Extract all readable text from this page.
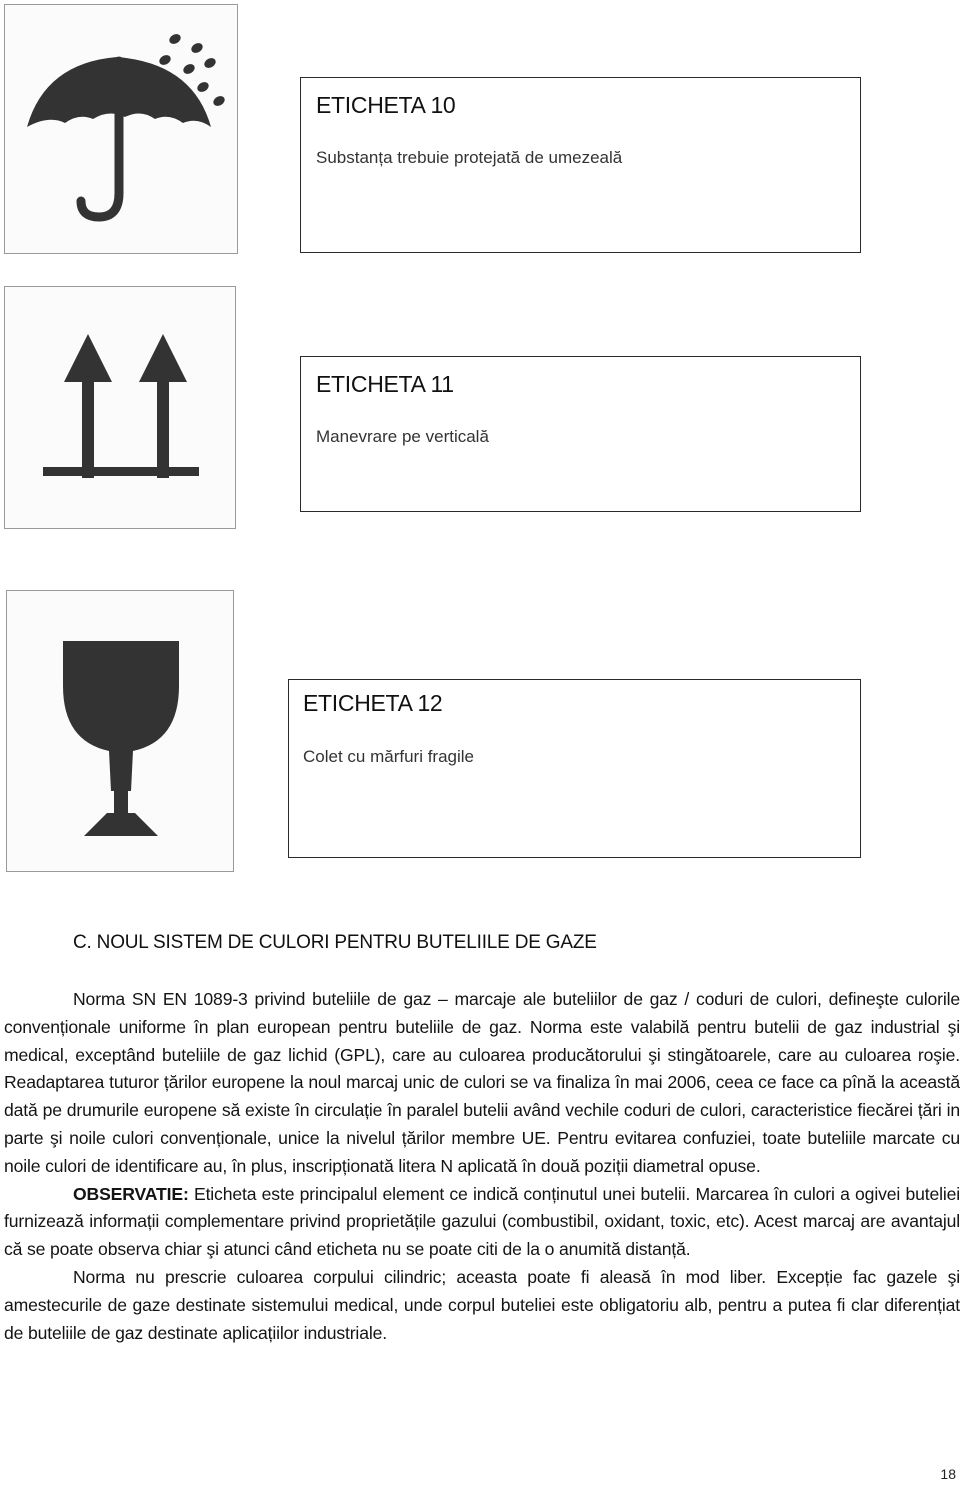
ETICHETA 10
Substanța trebuie protejată de umezeală
ETICHETA 11
Manevrare pe verticală
ETICHETA 12
Colet cu mărfuri fragile
C. NOUL SISTEM DE CULORI PENTRU BUTELIILE DE GAZE

Norma SN EN 1089-3 privind buteliile de gaz – marcaje ale buteliilor de gaz / coduri de culori, defineşte culorile convenționale uniforme în plan european pentru buteliile de gaz. Norma este valabilă pentru butelii de gaz industrial şi medical, exceptând buteliile de gaz lichid (GPL), care au culoarea producătorului şi stingătoarele, care au culoarea roşie. Readaptarea tuturor țărilor europene la noul marcaj unic de culori se va finaliza în mai 2006, ceea ce face ca pînă la această dată pe drumurile europene să existe în circulație în paralel butelii având vechile coduri de culori, caracteristice fiecărei țări in parte şi noile culori convenționale, unice la nivelul țărilor membre UE. Pentru evitarea confuziei, toate buteliile marcate cu noile culori de identificare au, în plus, inscripționată litera N aplicată în două poziții diametral opuse.

OBSERVATIE: Eticheta este principalul element ce indică conținutul unei butelii. Marcarea în culori a ogivei buteliei furnizează informații complementare privind proprietățile gazului (combustibil, oxidant, toxic, etc). Acest marcaj are avantajul că se poate observa chiar şi atunci când eticheta nu se poate citi de la o anumită distanță.

Norma nu prescrie culoarea corpului cilindric; aceasta poate fi aleasă în mod liber. Excepție fac gazele şi amestecurile de gaze destinate sistemului medical, unde corpul buteliei este obligatoriu alb, pentru a putea fi clar diferențiat de buteliile de gaz destinate aplicațiilor industriale.

18
